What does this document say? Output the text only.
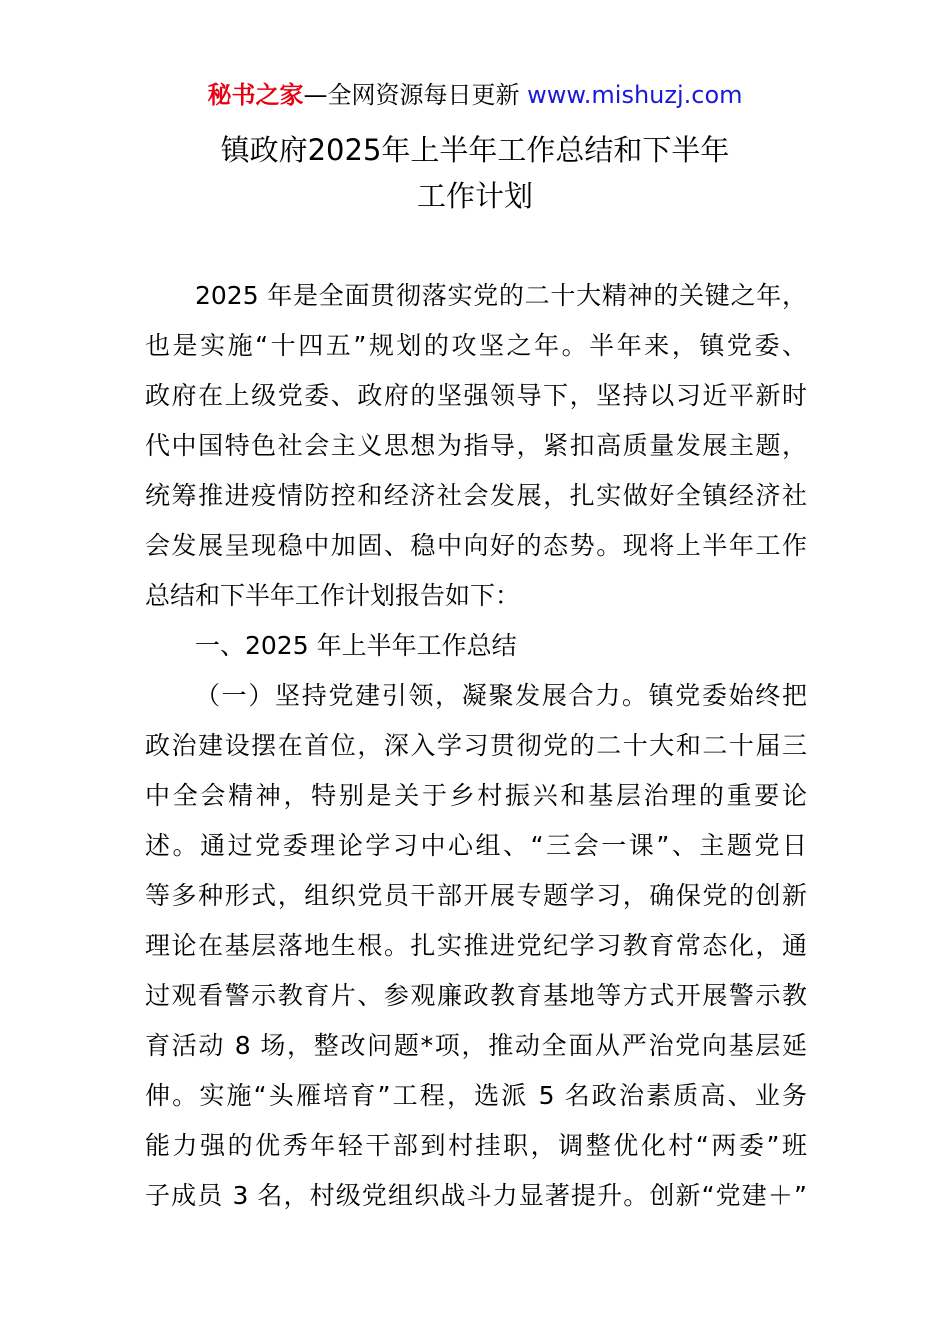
秘书之家—全网资源每日更新 www.mishuzj.com
镇政府2025年上半年工作总结和下半年
工作计划
2025 年是全面贯彻落实党的二十大精神的关键之年，
也是实施“十四五”规划的攻坚之年。半年来，镇党委、
政府在上级党委、政府的坚强领导下，坚持以习近平新时
代中国特色社会主义思想为指导，紧扣高质量发展主题，
统筹推进疫情防控和经济社会发展，扎实做好全镇经济社
会发展呈现稳中加固、稳中向好的态势。现将上半年工作
总结和下半年工作计划报告如下：
一、2025 年上半年工作总结
（一）坚持党建引领，凝聚发展合力。镇党委始终把
政治建设摆在首位，深入学习贯彻党的二十大和二十届三
中全会精神，特别是关于乡村振兴和基层治理的重要论
述。通过党委理论学习中心组、“三会一课”、主题党日
等多种形式，组织党员干部开展专题学习，确保党的创新
理论在基层落地生根。扎实推进党纪学习教育常态化，通
过观看警示教育片、参观廉政教育基地等方式开展警示教
育活动 8 场，整改问题*项，推动全面从严治党向基层延
伸。实施“头雁培育”工程，选派 5 名政治素质高、业务
能力强的优秀年轻干部到村挂职，调整优化村“两委”班
子成员 3 名，村级党组织战斗力显著提升。创新“党建＋”
